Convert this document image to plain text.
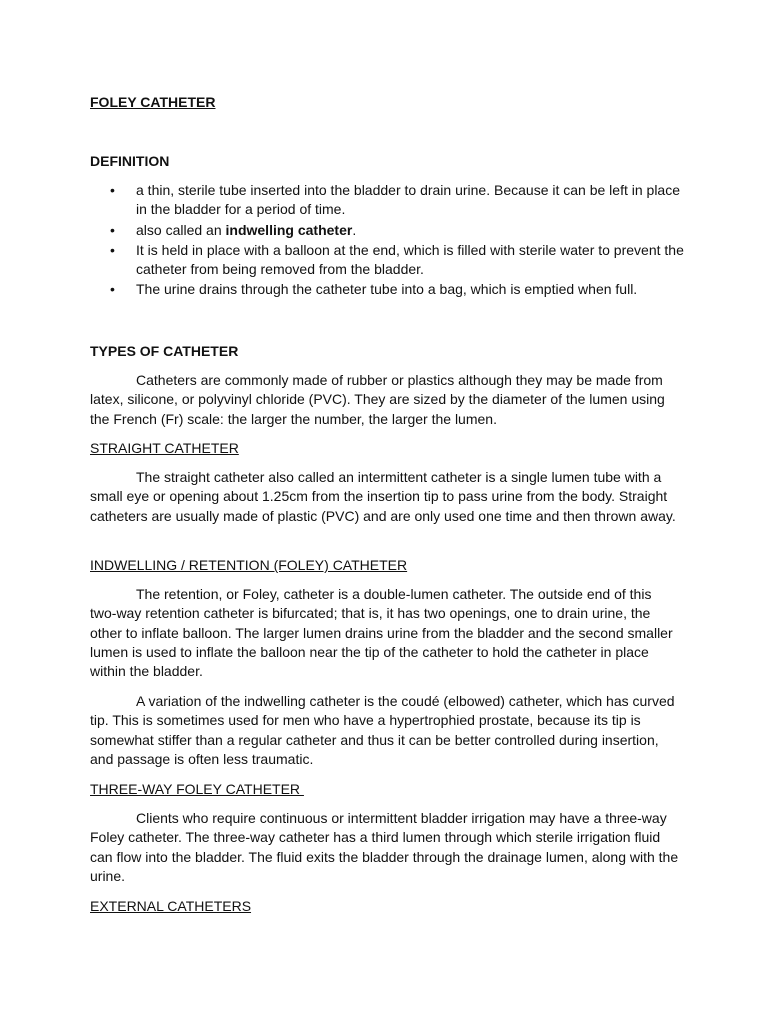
FOLEY CATHETER
DEFINITION
• a thin, sterile tube inserted into the bladder to drain urine. Because it can be left in place in the bladder for a period of time.
• also called an indwelling catheter.
• It is held in place with a balloon at the end, which is filled with sterile water to prevent the catheter from being removed from the bladder.
• The urine drains through the catheter tube into a bag, which is emptied when full.
TYPES OF CATHETER

Catheters are commonly made of rubber or plastics although they may be made from latex, silicone, or polyvinyl chloride (PVC). They are sized by the diameter of the lumen using the French (Fr) scale: the larger the number, the larger the lumen.

STRAIGHT CATHETER

The straight catheter also called an intermittent catheter is a single lumen tube with a small eye or opening about 1.25cm from the insertion tip to pass urine from the body. Straight catheters are usually made of plastic (PVC) and are only used one time and then thrown away.

INDWELLING / RETENTION (FOLEY) CATHETER

The retention, or Foley, catheter is a double-lumen catheter. The outside end of this two-way retention catheter is bifurcated; that is, it has two openings, one to drain urine, the other to inflate balloon. The larger lumen drains urine from the bladder and the second smaller lumen is used to inflate the balloon near the tip of the catheter to hold the catheter in place within the bladder.

A variation of the indwelling catheter is the coudé (elbowed) catheter, which has curved tip. This is sometimes used for men who have a hypertrophied prostate, because its tip is somewhat stiffer than a regular catheter and thus it can be better controlled during insertion, and passage is often less traumatic.

THREE-WAY FOLEY CATHETER

Clients who require continuous or intermittent bladder irrigation may have a three-way Foley catheter. The three-way catheter has a third lumen through which sterile irrigation fluid can flow into the bladder. The fluid exits the bladder through the drainage lumen, along with the urine.

EXTERNAL CATHETERS
